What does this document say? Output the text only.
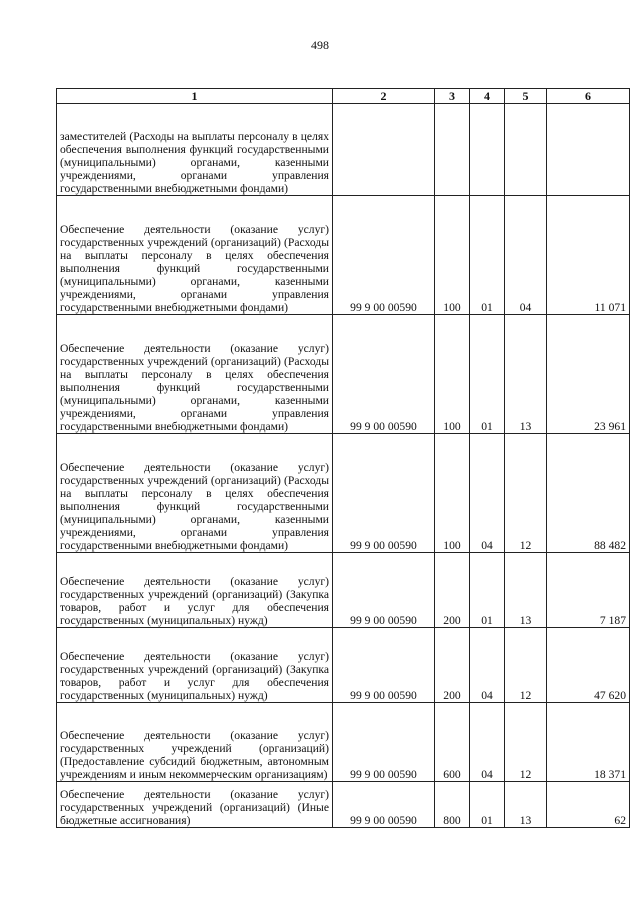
498
1	2	3	4	5	6
заместителей (Расходы на выплаты персоналу в целях обеспечения выполнения функций государственными (муниципальными) органами, казенными учреждениями, органами управления государственными внебюджетными фондами)					
Обеспечение деятельности (оказание услуг) государственных учреждений (организаций) (Расходы на выплаты персоналу в целях обеспечения выполнения функций государственными (муниципальными) органами, казенными учреждениями, органами управления государственными внебюджетными фондами)	99 9 00 00590	100	01	04	11 071
Обеспечение деятельности (оказание услуг) государственных учреждений (организаций) (Расходы на выплаты персоналу в целях обеспечения выполнения функций государственными (муниципальными) органами, казенными учреждениями, органами управления государственными внебюджетными фондами)	99 9 00 00590	100	01	13	23 961
Обеспечение деятельности (оказание услуг) государственных учреждений (организаций) (Расходы на выплаты персоналу в целях обеспечения выполнения функций государственными (муниципальными) органами, казенными учреждениями, органами управления государственными внебюджетными фондами)	99 9 00 00590	100	04	12	88 482
Обеспечение деятельности (оказание услуг) государственных учреждений (организаций) (Закупка товаров, работ и услуг для обеспечения государственных (муниципальных) нужд)	99 9 00 00590	200	01	13	7 187
Обеспечение деятельности (оказание услуг) государственных учреждений (организаций) (Закупка товаров, работ и услуг для обеспечения государственных (муниципальных) нужд)	99 9 00 00590	200	04	12	47 620
Обеспечение деятельности (оказание услуг) государственных учреждений (организаций) (Предоставление субсидий бюджетным, автономным учреждениям и иным некоммерческим организациям)	99 9 00 00590	600	04	12	18 371
Обеспечение деятельности (оказание услуг) государственных учреждений (организаций) (Иные бюджетные ассигнования)	99 9 00 00590	800	01	13	62
